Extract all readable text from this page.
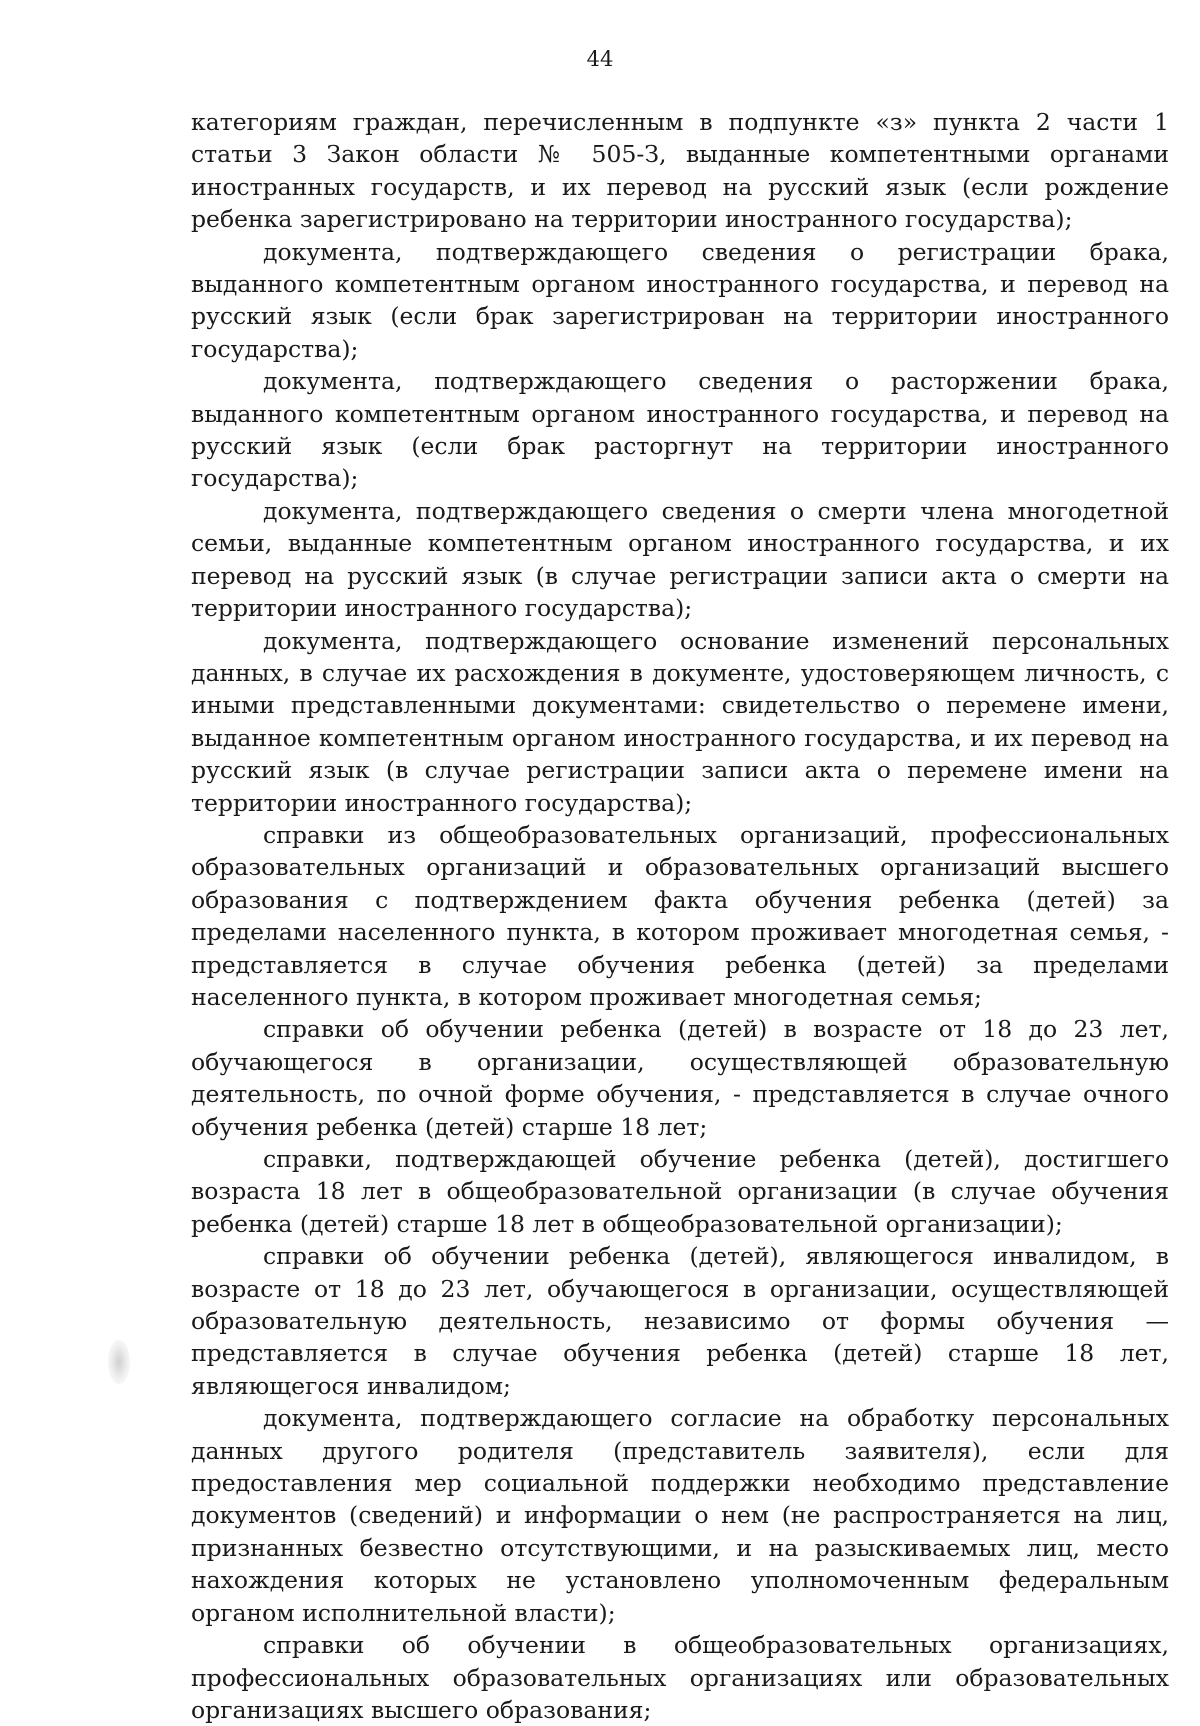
44

категориям граждан, перечисленным в подпункте «з» пункта 2 части 1 статьи 3 Закон области № 505-З, выданные компетентными органами иностранных государств, и их перевод на русский язык (если рождение ребенка зарегистрировано на территории иностранного государства);

документа, подтверждающего сведения о регистрации брака, выданного компетентным органом иностранного государства, и перевод на русский язык (если брак зарегистрирован на территории иностранного государства);

документа, подтверждающего сведения о расторжении брака, выданного компетентным органом иностранного государства, и перевод на русский язык (если брак расторгнут на территории иностранного государства);

документа, подтверждающего сведения о смерти члена многодетной семьи, выданные компетентным органом иностранного государства, и их перевод на русский язык (в случае регистрации записи акта о смерти на территории иностранного государства);

документа, подтверждающего основание изменений персональных данных, в случае их расхождения в документе, удостоверяющем личность, с иными представленными документами: свидетельство о перемене имени, выданное компетентным органом иностранного государства, и их перевод на русский язык (в случае регистрации записи акта о перемене имени на территории иностранного государства);

справки из общеобразовательных организаций, профессиональных образовательных организаций и образовательных организаций высшего образования с подтверждением факта обучения ребенка (детей) за пределами населенного пункта, в котором проживает многодетная семья, - представляется в случае обучения ребенка (детей) за пределами населенного пункта, в котором проживает многодетная семья;

справки об обучении ребенка (детей) в возрасте от 18 до 23 лет, обучающегося в организации, осуществляющей образовательную деятельность, по очной форме обучения, - представляется в случае очного обучения ребенка (детей) старше 18 лет;

справки, подтверждающей обучение ребенка (детей), достигшего возраста 18 лет в общеобразовательной организации (в случае обучения ребенка (детей) старше 18 лет в общеобразовательной организации);

справки об обучении ребенка (детей), являющегося инвалидом, в возрасте от 18 до 23 лет, обучающегося в организации, осуществляющей образовательную деятельность, независимо от формы обучения — представляется в случае обучения ребенка (детей) старше 18 лет, являющегося инвалидом;

документа, подтверждающего согласие на обработку персональных данных другого родителя (представитель заявителя), если для предоставления мер социальной поддержки необходимо представление документов (сведений) и информации о нем (не распространяется на лиц, признанных безвестно отсутствующими, и на разыскиваемых лиц, место нахождения которых не установлено уполномоченным федеральным органом исполнительной власти);

справки об обучении в общеобразовательных организациях, профессиональных образовательных организациях или образовательных организациях высшего образования;
